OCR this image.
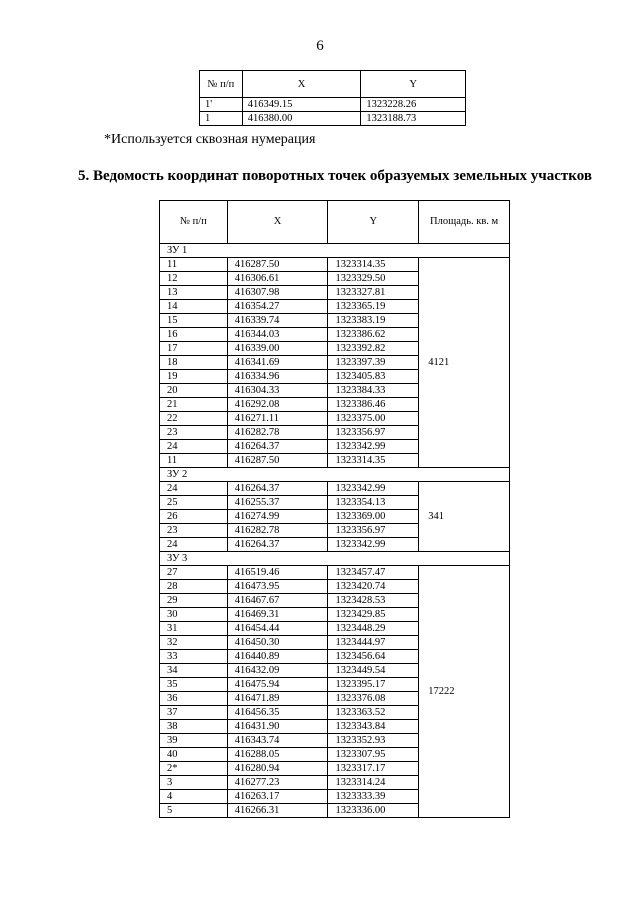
6
№ п/п	X	Y
1'	416349.15	1323228.26
1	416380.00	1323188.73
*Используется сквозная нумерация
5. Ведомость координат поворотных точек образуемых земельных участков
№ п/п	X	Y	Площадь. кв. м
ЗУ 1			
11	416287.50	1323314.35	4121
12	416306.61	1323329.50	
13	416307.98	1323327.81	
14	416354.27	1323365.19	
15	416339.74	1323383.19	
16	416344.03	1323386.62	
17	416339.00	1323392.82	
18	416341.69	1323397.39	
19	416334.96	1323405.83	
20	416304.33	1323384.33	
21	416292.08	1323386.46	
22	416271.11	1323375.00	
23	416282.78	1323356.97	
24	416264.37	1323342.99	
11	416287.50	1323314.35	
ЗУ 2			
24	416264.37	1323342.99	341
25	416255.37	1323354.13	
26	416274.99	1323369.00	
23	416282.78	1323356.97	
24	416264.37	1323342.99	
ЗУ 3			
27	416519.46	1323457.47	17222
28	416473.95	1323420.74	
29	416467.67	1323428.53	
30	416469.31	1323429.85	
31	416454.44	1323448.29	
32	416450.30	1323444.97	
33	416440.89	1323456.64	
34	416432.09	1323449.54	
35	416475.94	1323395.17	
36	416471.89	1323376.08	
37	416456.35	1323363.52	
38	416431.90	1323343.84	
39	416343.74	1323352.93	
40	416288.05	1323307.95	
2*	416280.94	1323317.17	
3	416277.23	1323314.24	
4	416263.17	1323333.39	
5	416266.31	1323336.00	
